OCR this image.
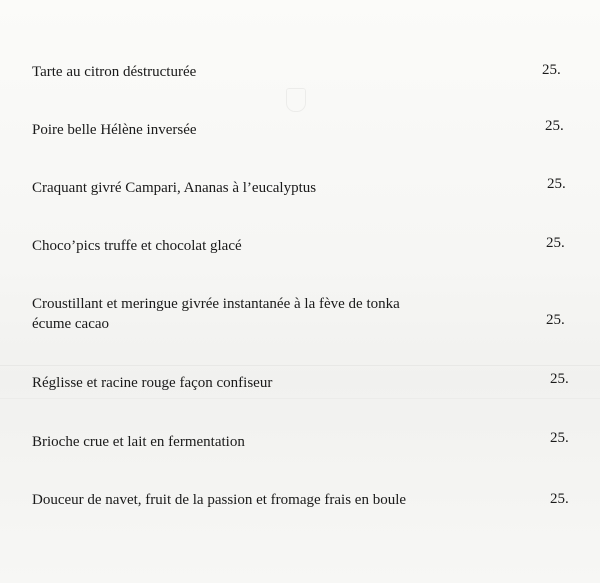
Tarte au citron déstructurée	25.
Poire belle Hélène inversée	25.
Craquant givré Campari, Ananas à l’eucalyptus	25.
Choco’pics truffe et chocolat glacé	25.
Croustillant et meringue givrée instantanée à la fève de tonka
écume cacao	25.
Réglisse et racine rouge façon confiseur	25.
Brioche crue et lait en fermentation	25.
Douceur de navet, fruit de la passion et fromage frais en boule	25.
